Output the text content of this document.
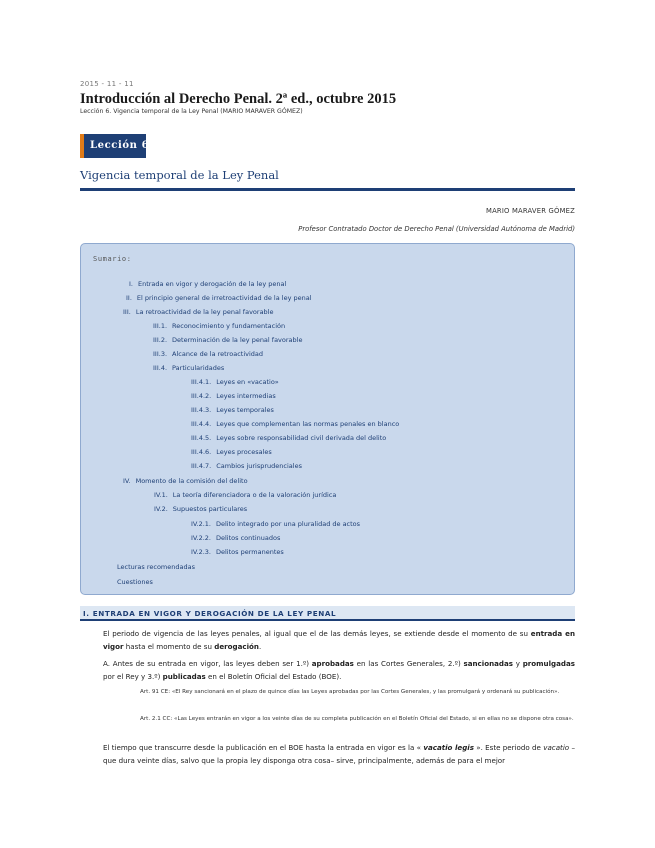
2015 - 11 - 11
Introducción al Derecho Penal. 2ª ed., octubre 2015
Lección 6. Vigencia temporal de la Ley Penal (MARIO MARAVER GÓMEZ)
Lección 6
Vigencia temporal de la Ley Penal
MARIO MARAVER GÓMEZ
Profesor Contratado Doctor de Derecho Penal (Universidad Autónoma de Madrid)
Sumario:
I. Entrada en vigor y derogación de la ley penal
II. El principio general de irretroactividad de la ley penal
III. La retroactividad de la ley penal favorable
III.1. Reconocimiento y fundamentación
III.2. Determinación de la ley penal favorable
III.3. Alcance de la retroactividad
III.4. Particularidades
III.4.1. Leyes en «vacatio»
III.4.2. Leyes intermedias
III.4.3. Leyes temporales
III.4.4. Leyes que complementan las normas penales en blanco
III.4.5. Leyes sobre responsabilidad civil derivada del delito
III.4.6. Leyes procesales
III.4.7. Cambios jurisprudenciales
IV. Momento de la comisión del delito
IV.1. La teoría diferenciadora o de la valoración jurídica
IV.2. Supuestos particulares
IV.2.1. Delito integrado por una pluralidad de actos
IV.2.2. Delitos continuados
IV.2.3. Delitos permanentes
Lecturas recomendadas
Cuestiones
I. ENTRADA EN VIGOR Y DEROGACIÓN DE LA LEY PENAL
El periodo de vigencia de las leyes penales, al igual que el de las demás leyes, se extiende desde el momento de su entrada en vigor hasta el momento de su derogación.
A. Antes de su entrada en vigor, las leyes deben ser 1.º) aprobadas en las Cortes Generales, 2.º) sancionadas y promulgadas por el Rey y 3.º) publicadas en el Boletín Oficial del Estado (BOE).
Art. 91 CE: «El Rey sancionará en el plazo de quince días las Leyes aprobadas por las Cortes Generales, y las promulgará y ordenará su publicación».
Art. 2.1 CC: «Las Leyes entrarán en vigor a los veinte días de su completa publicación en el Boletín Oficial del Estado, si en ellas no se dispone otra cosa».
El tiempo que transcurre desde la publicación en el BOE hasta la entrada en vigor es la « vacatio legis ». Este periodo de vacatio –que dura veinte días, salvo que la propia ley disponga otra cosa– sirve, principalmente, además de para el mejor
